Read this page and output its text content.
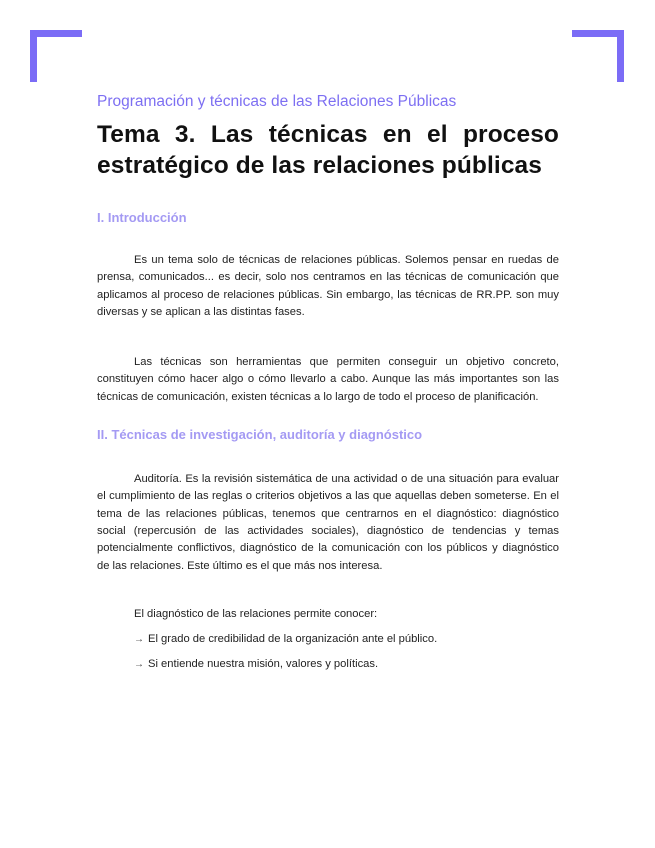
Programación y técnicas de las Relaciones Públicas

Tema 3. Las técnicas en el proceso
estratégico de las relaciones públicas
I. Introducción

Es un tema solo de técnicas de relaciones públicas. Solemos pensar en ruedas de prensa, comunicados... es decir, solo nos centramos en las técnicas de comunicación que aplicamos al proceso de relaciones públicas. Sin embargo, las técnicas de RR.PP. son muy diversas y se aplican a las distintas fases.

Las técnicas son herramientas que permiten conseguir un objetivo concreto, constituyen cómo hacer algo o cómo llevarlo a cabo. Aunque las más importantes son las técnicas de comunicación, existen técnicas a lo largo de todo el proceso de planificación.

II. Técnicas de investigación, auditoría y diagnóstico

Auditoría. Es la revisión sistemática de una actividad o de una situación para evaluar el cumplimiento de las reglas o criterios objetivos a las que aquellas deben someterse. En el tema de las relaciones públicas, tenemos que centrarnos en el diagnóstico: diagnóstico social (repercusión de las actividades sociales), diagnóstico de tendencias y temas potencialmente conflictivos, diagnóstico de la comunicación con los públicos y diagnóstico de las relaciones. Este último es el que más nos interesa.

El diagnóstico de las relaciones permite conocer:

→ El grado de credibilidad de la organización ante el público.
→ Si entiende nuestra misión, valores y políticas.
